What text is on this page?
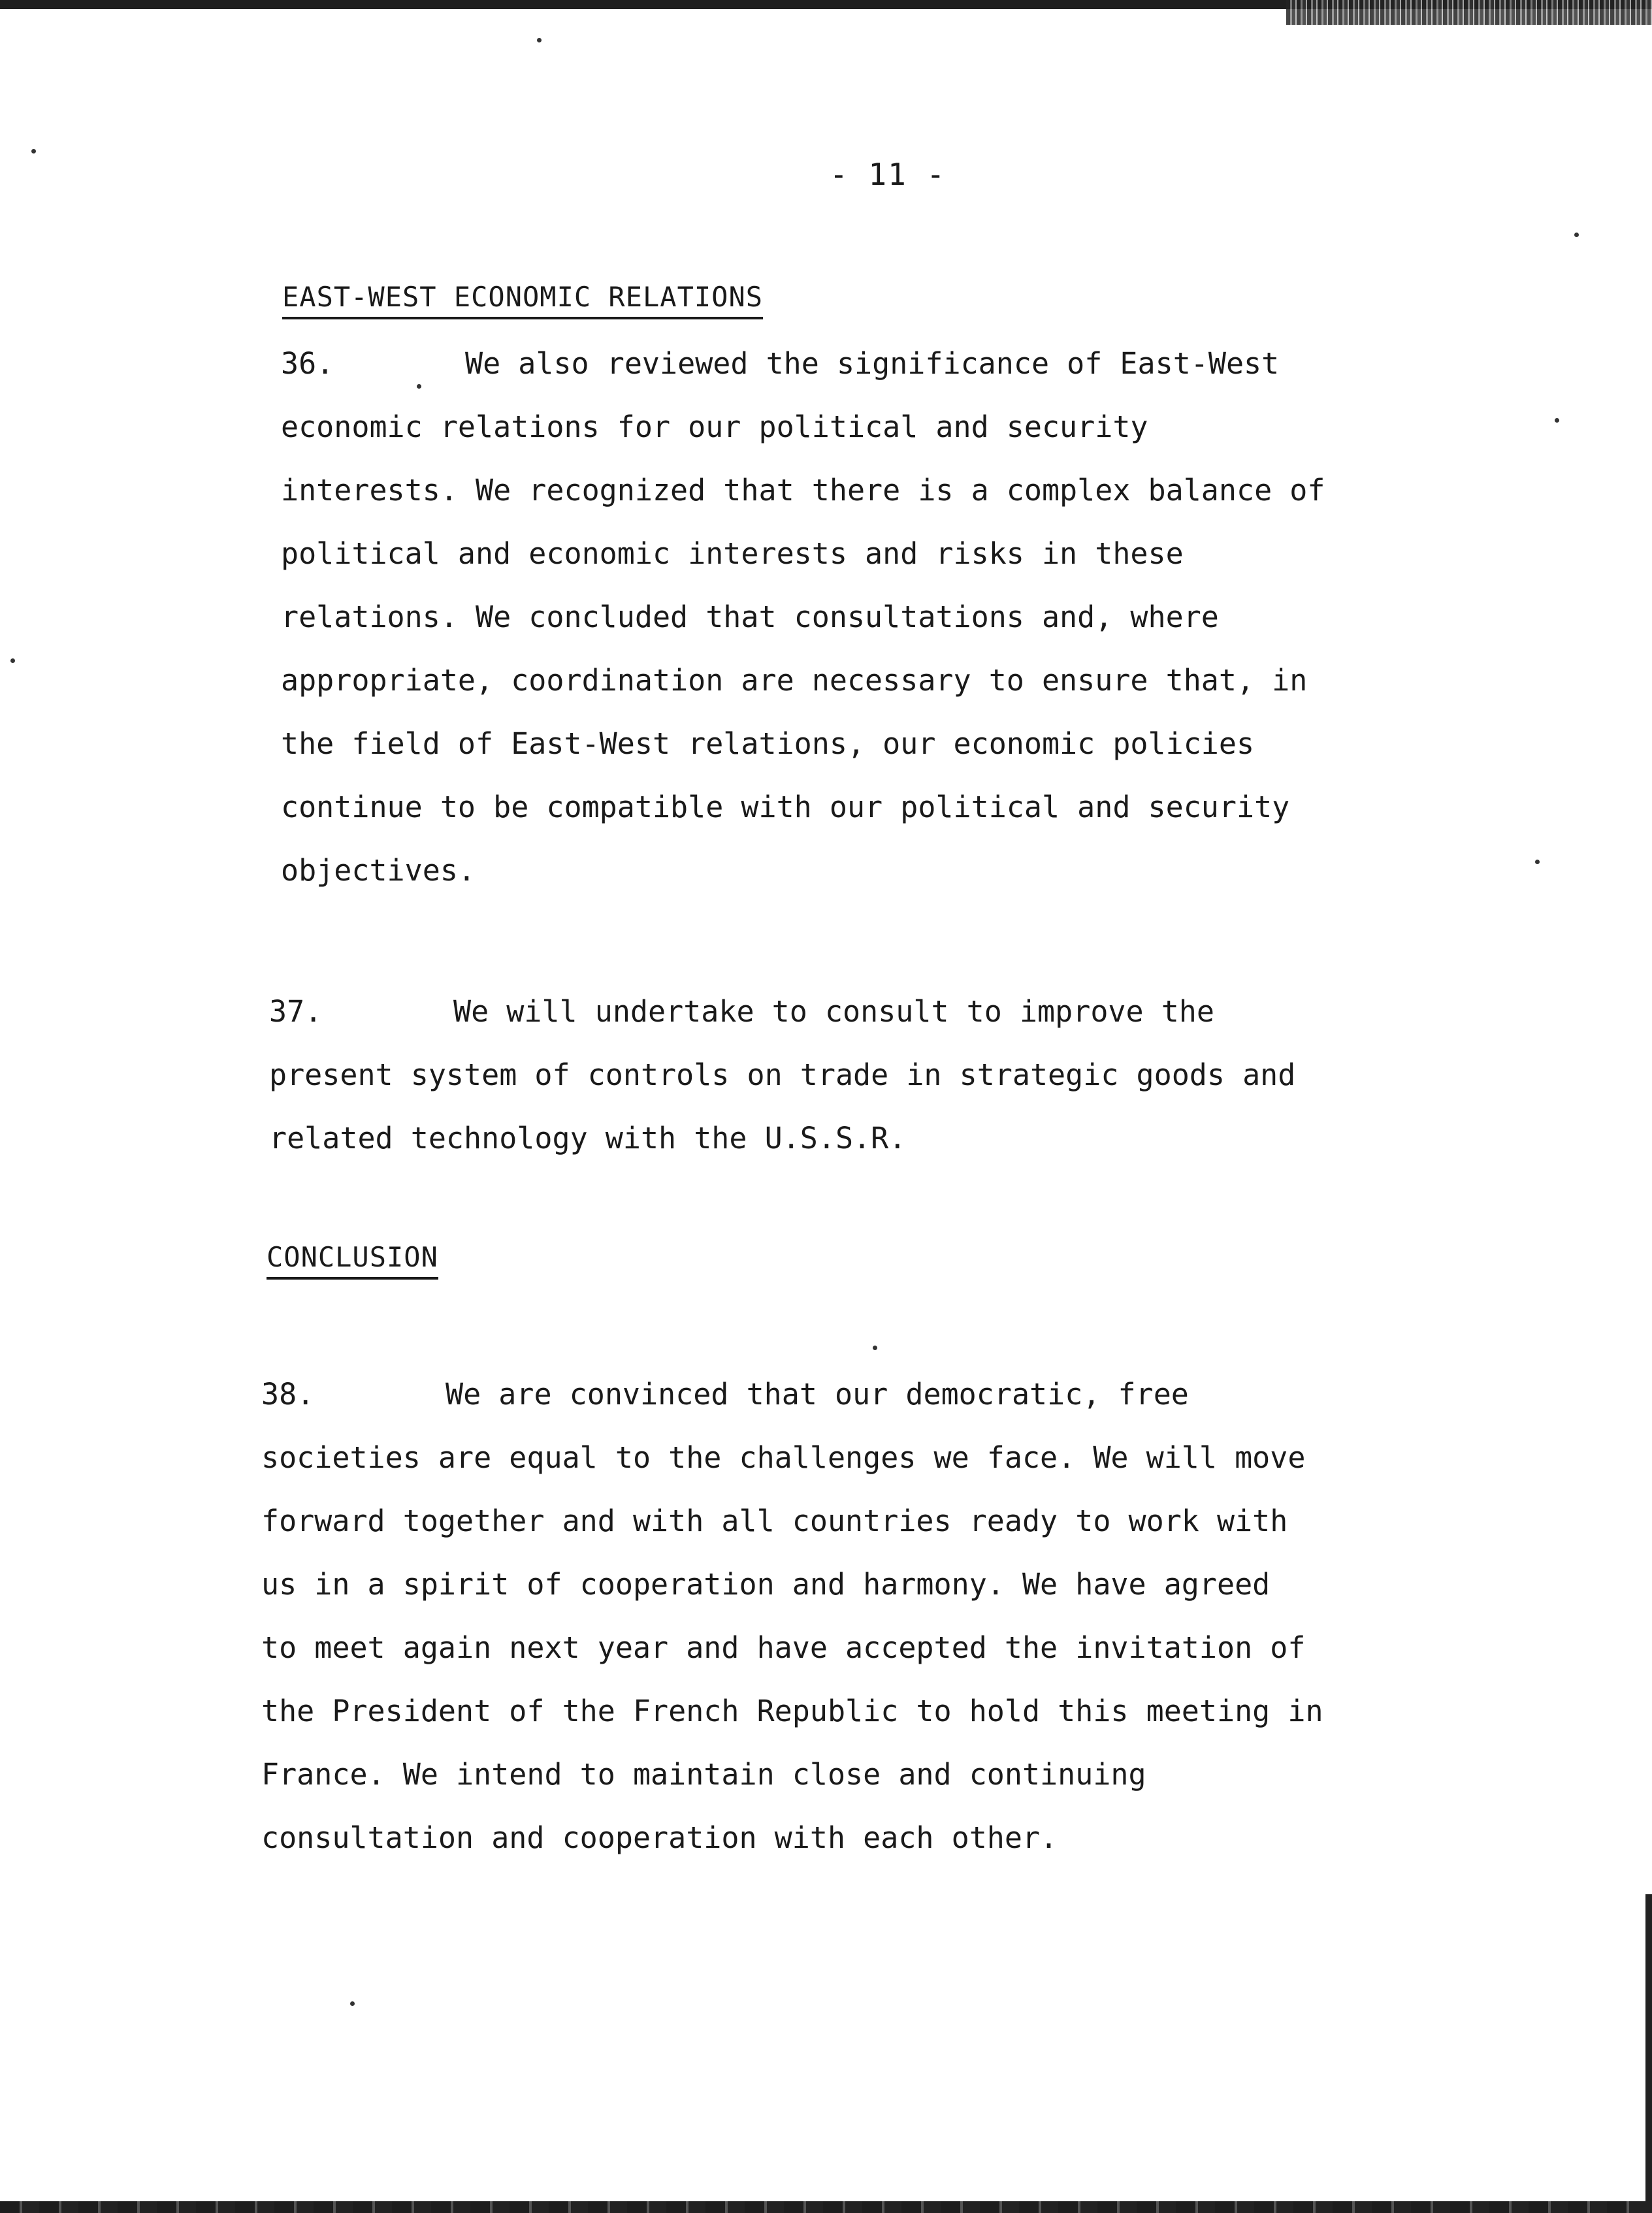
- 11 -
EAST-WEST ECONOMIC RELATIONS
36.	We also reviewed the significance of East-West
economic relations for our political and security
interests. We recognized that there is a complex balance of
political and economic interests and risks in these
relations. We concluded that consultations and, where
appropriate, coordination are necessary to ensure that, in
the field of East-West relations, our economic policies
continue to be compatible with our political and security
objectives.
37.	We will undertake to consult to improve the
present system of controls on trade in strategic goods and
related technology with the U.S.S.R.
CONCLUSION
38.	We are convinced that our democratic, free
societies are equal to the challenges we face. We will move
forward together and with all countries ready to work with
us in a spirit of cooperation and harmony. We have agreed
to meet again next year and have accepted the invitation of
the President of the French Republic to hold this meeting in
France. We intend to maintain close and continuing
consultation and cooperation with each other.
